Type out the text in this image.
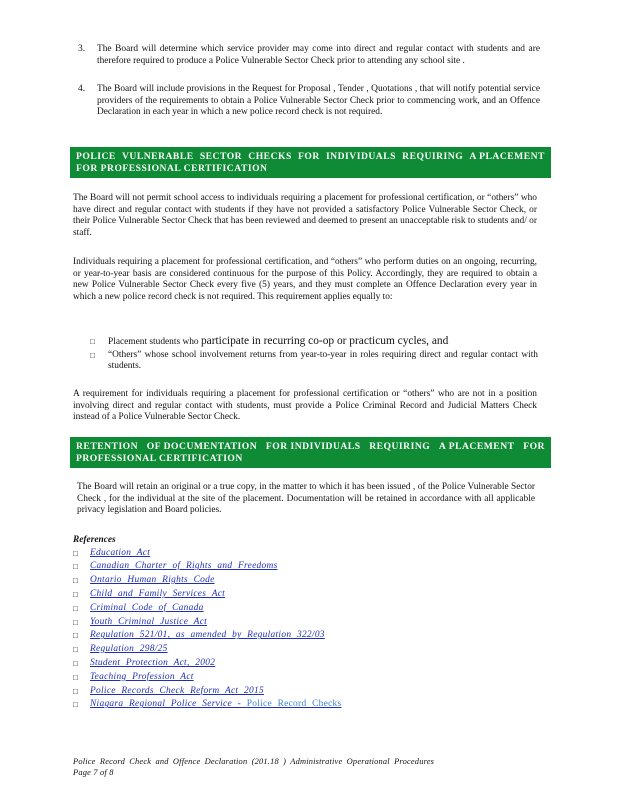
3. The Board will determine which service provider may come into direct and regular contact with students and are therefore required to produce a Police Vulnerable Sector Check prior to attending any school site .
4. The Board will include provisions in the Request for Proposal , Tender , Quotations , that will notify potential service providers of the requirements to obtain a Police Vulnerable Sector Check prior to commencing work, and an Offence Declaration in each year in which a new police record check is not required.
POLICE VULNERABLE SECTOR CHECKS FOR INDIVIDUALS REQUIRING A PLACEMENT
FOR PROFESSIONAL CERTIFICATION
The Board will not permit school access to individuals requiring a placement for professional certification, or “others” who have direct and regular contact with students if they have not provided a satisfactory Police Vulnerable Sector Check, or their Police Vulnerable Sector Check that has been reviewed and deemed to present an unacceptable risk to students and/ or staff.
Individuals requiring a placement for professional certification, and “others” who perform duties on an ongoing, recurring, or year-to-year basis are considered continuous for the purpose of this Policy. Accordingly, they are required to obtain a new Police Vulnerable Sector Check every five (5) years, and they must complete an Offence Declaration every year in which a new police record check is not required. This requirement applies equally to:
□ Placement students who participate in recurring co-op or practicum cycles, and
□ “Others” whose school involvement returns from year-to-year in roles requiring direct and regular contact with students.
A requirement for individuals requiring a placement for professional certification or “others” who are not in a position involving direct and regular contact with students, must provide a Police Criminal Record and Judicial Matters Check instead of a Police Vulnerable Sector Check.
RETENTION OF DOCUMENTATION FOR INDIVIDUALS REQUIRING A PLACEMENT FOR
PROFESSIONAL CERTIFICATION
The Board will retain an original or a true copy, in the matter to which it has been issued , of the Police Vulnerable Sector Check , for the individual at the site of the placement. Documentation will be retained in accordance with all applicable privacy legislation and Board policies.
References
□ Education Act
□ Canadian Charter of Rights and Freedoms
□ Ontario Human Rights Code
□ Child and Family Services Act
□ Criminal Code of Canada
□ Youth Criminal Justice Act
□ Regulation 521/01, as amended by Regulation 322/03
□ Regulation 298/25
□ Student Protection Act, 2002
□ Teaching Profession Act
□ Police Records Check Reform Act 2015
□ Niagara Regional Police Service - Police Record Checks
Police Record Check and Offence Declaration (201.18 ) Administrative Operational Procedures
Page 7 of 8
